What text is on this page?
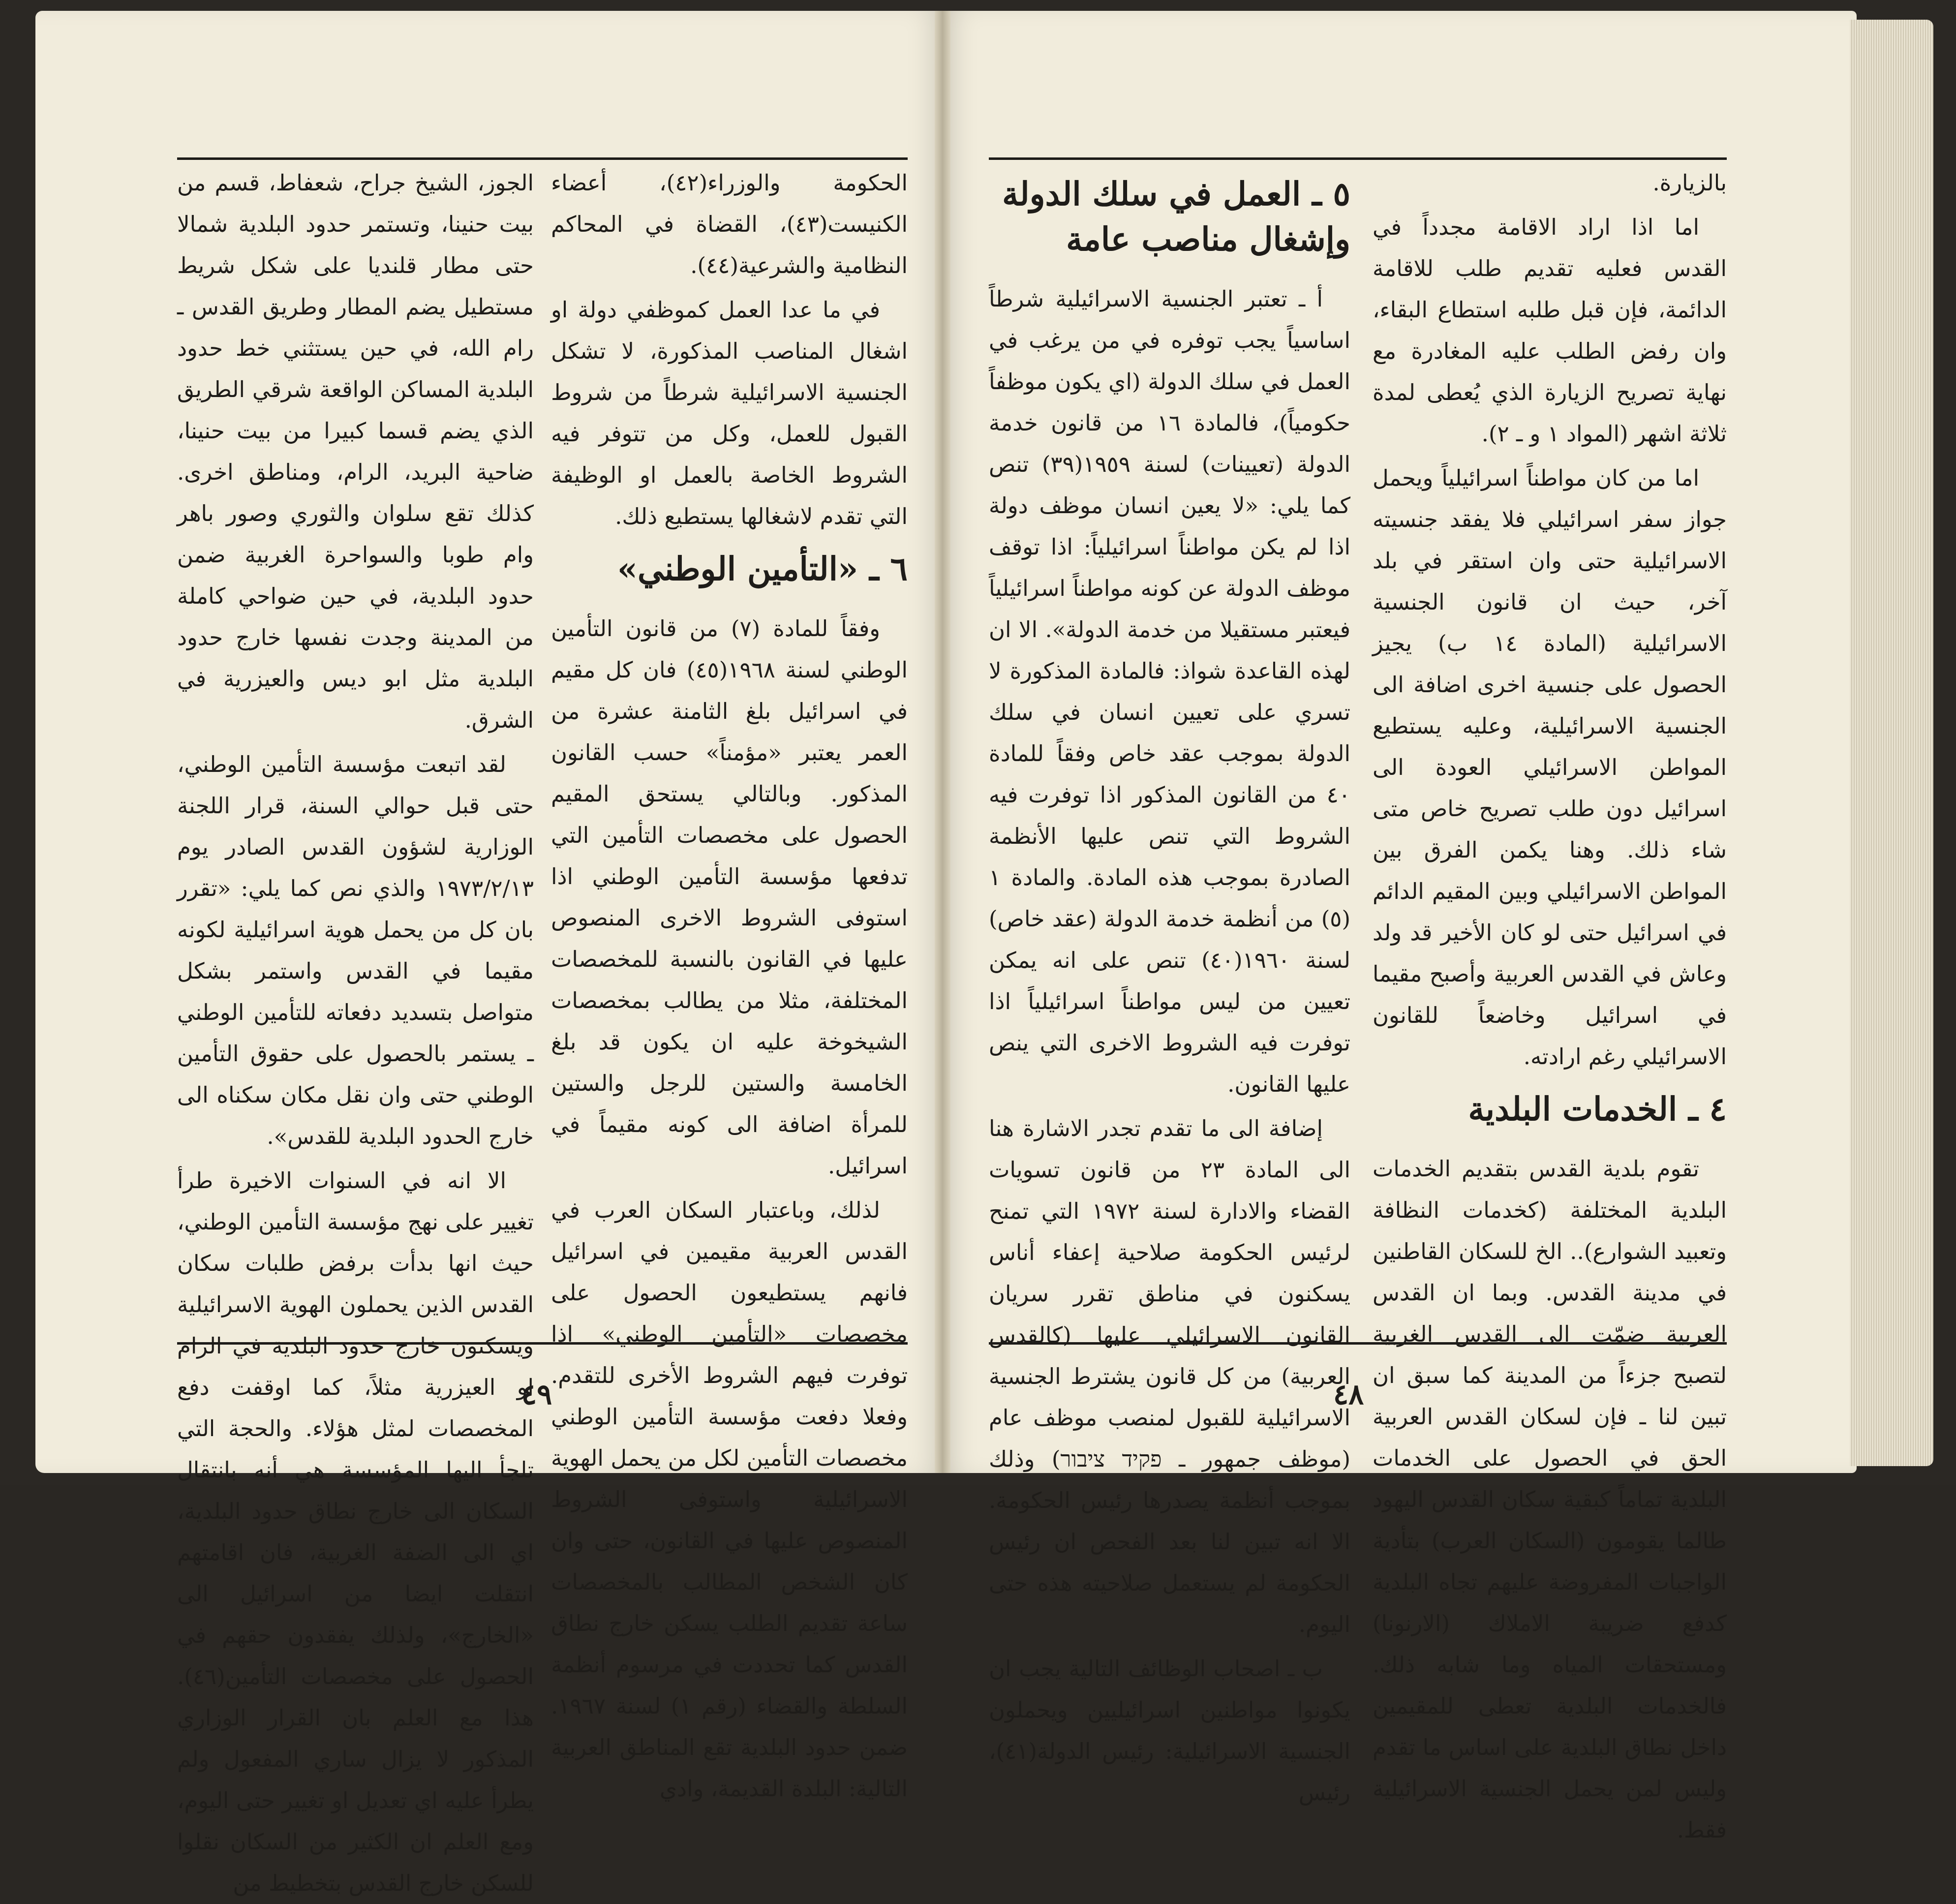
الحكومة والوزراء(٤٢)، أعضاء الكنيست(٤٣)، القضاة في المحاكم النظامية والشرعية(٤٤).

في ما عدا العمل كموظفي دولة او اشغال المناصب المذكورة، لا تشكل الجنسية الاسرائيلية شرطاً من شروط القبول للعمل، وكل من تتوفر فيه الشروط الخاصة بالعمل او الوظيفة التي تقدم لاشغالها يستطيع ذلك.

٦ ـ «التأمين الوطني»

وفقاً للمادة (٧) من قانون التأمين الوطني لسنة ١٩٦٨(٤٥) فان كل مقيم في اسرائيل بلغ الثامنة عشرة من العمر يعتبر «مؤمناً» حسب القانون المذكور. وبالتالي يستحق المقيم الحصول على مخصصات التأمين التي تدفعها مؤسسة التأمين الوطني اذا استوفى الشروط الاخرى المنصوص عليها في القانون بالنسبة للمخصصات المختلفة، مثلا من يطالب بمخصصات الشيخوخة عليه ان يكون قد بلغ الخامسة والستين للرجل والستين للمرأة اضافة الى كونه مقيماً في اسرائيل.

لذلك، وباعتبار السكان العرب في القدس العربية مقيمين في اسرائيل فانهم يستطيعون الحصول على مخصصات «التأمين الوطني» اذا توفرت فيهم الشروط الأخرى للتقدم. وفعلا دفعت مؤسسة التأمين الوطني مخصصات التأمين لكل من يحمل الهوية الاسرائيلية واستوفى الشروط المنصوص عليها في القانون، حتى وان كان الشخص المطالب بالمخصصات ساعة تقديم الطلب يسكن خارج نطاق القدس كما تحددت في مرسوم أنظمة السلطة والقضاء (رقم ١) لسنة ١٩٦٧. ضمن حدود البلدية تقع المناطق العربية التالية: البلدة القديمة، وادي

الجوز، الشيخ جراح، شعفاط، قسم من بيت حنينا، وتستمر حدود البلدية شمالا حتى مطار قلنديا على شكل شريط مستطيل يضم المطار وطريق القدس ـ رام الله، في حين يستثني خط حدود البلدية المساكن الواقعة شرقي الطريق الذي يضم قسما كبيرا من بيت حنينا، ضاحية البريد، الرام، ومناطق اخرى. كذلك تقع سلوان والثوري وصور باهر وام طوبا والسواحرة الغربية ضمن حدود البلدية، في حين ضواحي كاملة من المدينة وجدت نفسها خارج حدود البلدية مثل ابو ديس والعيزرية في الشرق.

لقد اتبعت مؤسسة التأمين الوطني، حتى قبل حوالي السنة، قرار اللجنة الوزارية لشؤون القدس الصادر يوم ١٩٧٣/٢/١٣ والذي نص كما يلي: «تقرر بان كل من يحمل هوية اسرائيلية لكونه مقيما في القدس واستمر بشكل متواصل بتسديد دفعاته للتأمين الوطني ـ يستمر بالحصول على حقوق التأمين الوطني حتى وان نقل مكان سكناه الى خارج الحدود البلدية للقدس».

الا انه في السنوات الاخيرة طرأ تغيير على نهج مؤسسة التأمين الوطني، حيث انها بدأت برفض طلبات سكان القدس الذين يحملون الهوية الاسرائيلية ويسكنون خارج حدود البلدية في الرام او العيزرية مثلاً، كما اوقفت دفع المخصصات لمثل هؤلاء. والحجة التي تلجأ اليها المؤسسة هي أنه بانتقال السكان الى خارج نطاق حدود البلدية، اي الى الضفة الغربية، فان اقامتهم انتقلت ايضا من اسرائيل الى «الخارج»، ولذلك يفقدون حقهم في الحصول على مخصصات التأمين(٤٦). هذا مع العلم بان القرار الوزاري المذكور لا يزال ساري المفعول ولم يطرأ عليه اي تعديل او تغيير حتى اليوم، ومع العلم ان الكثير من السكان نقلوا للسكن خارج القدس بتخطيط من

٤٩

بالزيارة.

اما اذا اراد الاقامة مجدداً في القدس فعليه تقديم طلب للاقامة الدائمة، فإن قبل طلبه استطاع البقاء، وان رفض الطلب عليه المغادرة مع نهاية تصريح الزيارة الذي يُعطى لمدة ثلاثة اشهر (المواد ١ و ـ ٢).

اما من كان مواطناً اسرائيلياً ويحمل جواز سفر اسرائيلي فلا يفقد جنسيته الاسرائيلية حتى وان استقر في بلد آخر، حيث ان قانون الجنسية الاسرائيلية (المادة ١٤ ب) يجيز الحصول على جنسية اخرى اضافة الى الجنسية الاسرائيلية، وعليه يستطيع المواطن الاسرائيلي العودة الى اسرائيل دون طلب تصريح خاص متى شاء ذلك. وهنا يكمن الفرق بين المواطن الاسرائيلي وبين المقيم الدائم في اسرائيل حتى لو كان الأخير قد ولد وعاش في القدس العربية وأصبح مقيما في اسرائيل وخاضعاً للقانون الاسرائيلي رغم ارادته.

٤ ـ الخدمات البلدية

تقوم بلدية القدس بتقديم الخدمات البلدية المختلفة (كخدمات النظافة وتعبيد الشوارع).. الخ للسكان القاطنين في مدينة القدس. وبما ان القدس العربية ضمّت الى القدس الغربية لتصبح جزءاً من المدينة كما سبق ان تبين لنا ـ فإن لسكان القدس العربية الحق في الحصول على الخدمات البلدية تماماً كبقية سكان القدس اليهود طالما يقومون (السكان العرب) بتأدية الواجبات المفروضة عليهم تجاه البلدية كدفع ضريبة الاملاك (الارنونا) ومستحقات المياه وما شابه ذلك. فالخدمات البلدية تعطى للمقيمين داخل نطاق البلدية على اساس ما تقدم وليس لمن يحمل الجنسية الاسرائيلية فقط.

٥ ـ العمل في سلك الدولة وإشغال مناصب عامة

أ ـ تعتبر الجنسية الاسرائيلية شرطاً اساسياً يجب توفره في من يرغب في العمل في سلك الدولة (اي يكون موظفاً حكومياً)، فالمادة ١٦ من قانون خدمة الدولة (تعيينات) لسنة ١٩٥٩(٣٩) تنص كما يلي: «لا يعين انسان موظف دولة اذا لم يكن مواطناً اسرائيلياً: اذا توقف موظف الدولة عن كونه مواطناً اسرائيلياً فيعتبر مستقيلا من خدمة الدولة». الا ان لهذه القاعدة شواذ: فالمادة المذكورة لا تسري على تعيين انسان في سلك الدولة بموجب عقد خاص وفقاً للمادة ٤٠ من القانون المذكور اذا توفرت فيه الشروط التي تنص عليها الأنظمة الصادرة بموجب هذه المادة. والمادة ١ (٥) من أنظمة خدمة الدولة (عقد خاص) لسنة ١٩٦٠(٤٠) تنص على انه يمكن تعيين من ليس مواطناً اسرائيلياً اذا توفرت فيه الشروط الاخرى التي ينص عليها القانون.

إضافة الى ما تقدم تجدر الاشارة هنا الى المادة ٢٣ من قانون تسويات القضاء والادارة لسنة ١٩٧٢ التي تمنح لرئيس الحكومة صلاحية إعفاء أناس يسكنون في مناطق تقرر سريان القانون الاسرائيلي عليها (كالقدس العربية) من كل قانون يشترط الجنسية الاسرائيلية للقبول لمنصب موظف عام (موظف جمهور ـ פקיד ציבור) وذلك بموجب أنظمة يصدرها رئيس الحكومة. الا انه تبين لنا بعد الفحص ان رئيس الحكومة لم يستعمل صلاحيته هذه حتى اليوم.

ب ـ اصحاب الوظائف التالية يجب ان يكونوا مواطنين اسرائيليين ويحملون الجنسية الاسرائيلية: رئيس الدولة(٤١)، رئيس

٤٨
